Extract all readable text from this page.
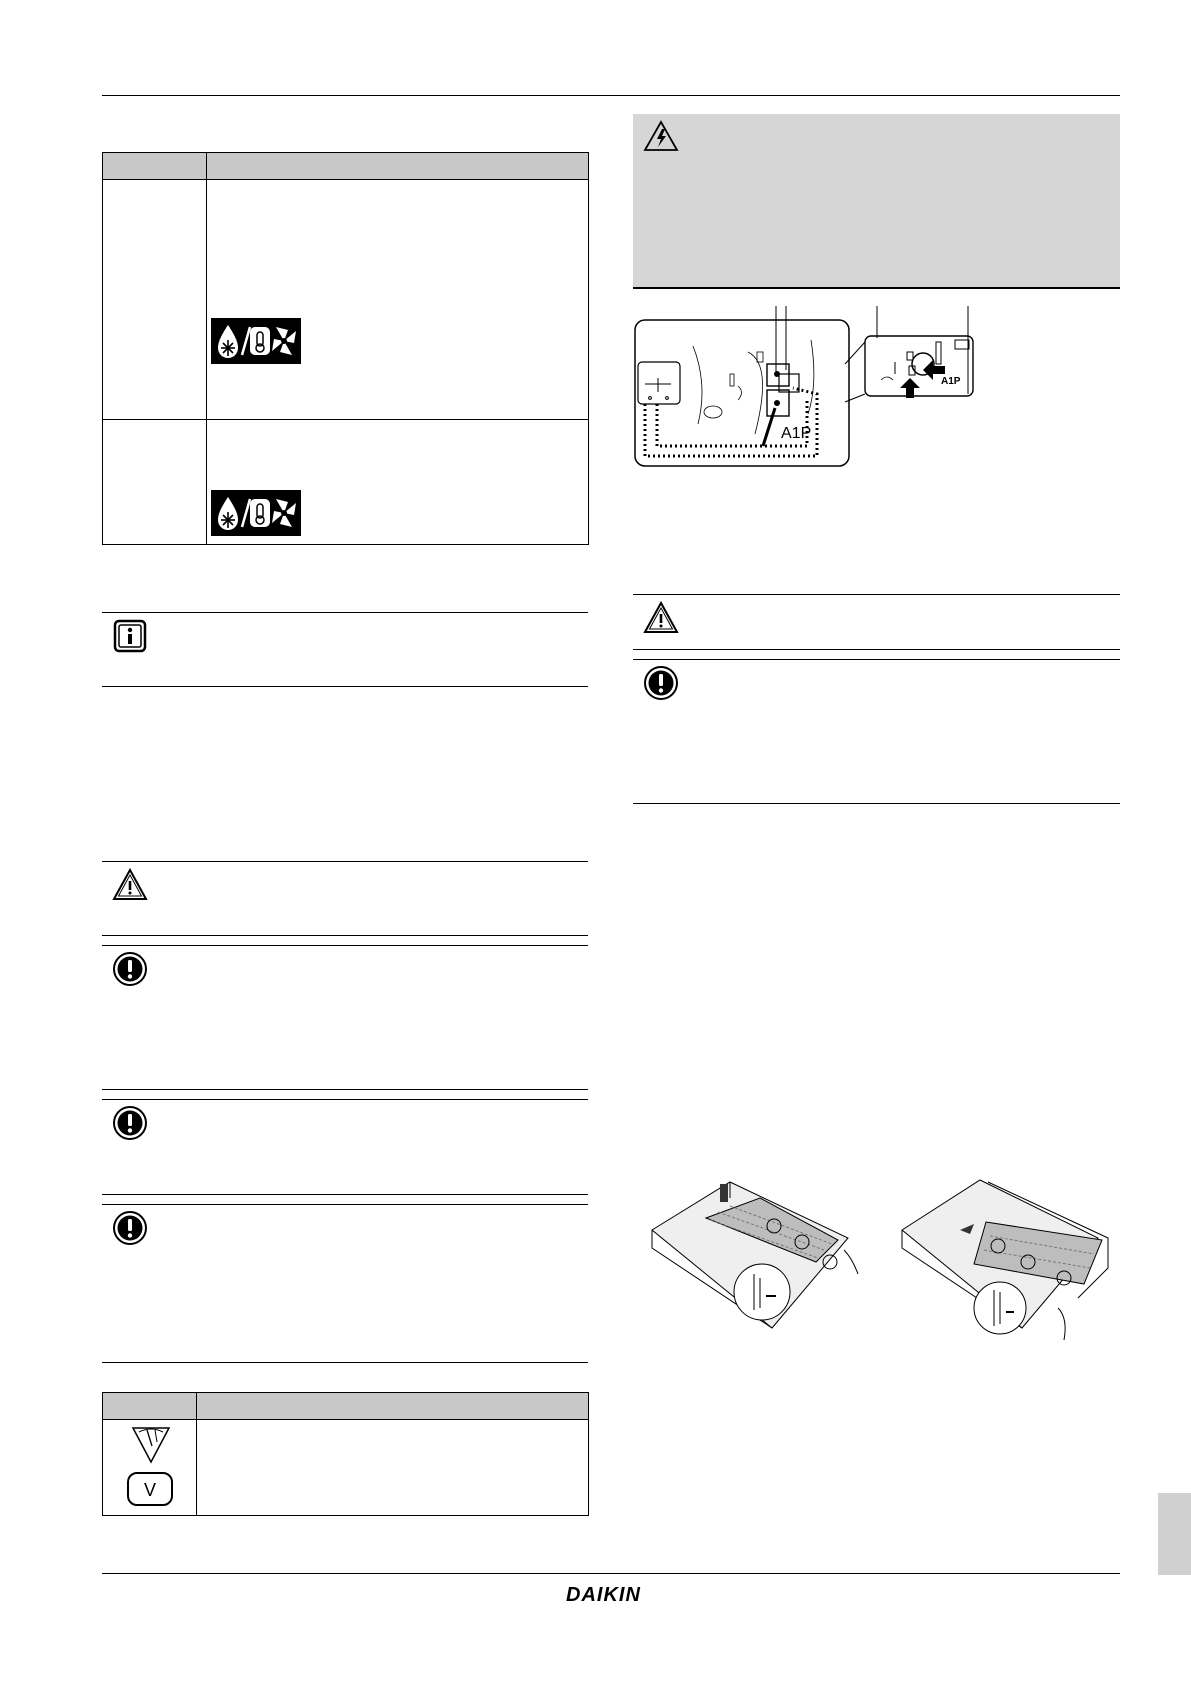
V	

A1P
A1P
DAIKIN
